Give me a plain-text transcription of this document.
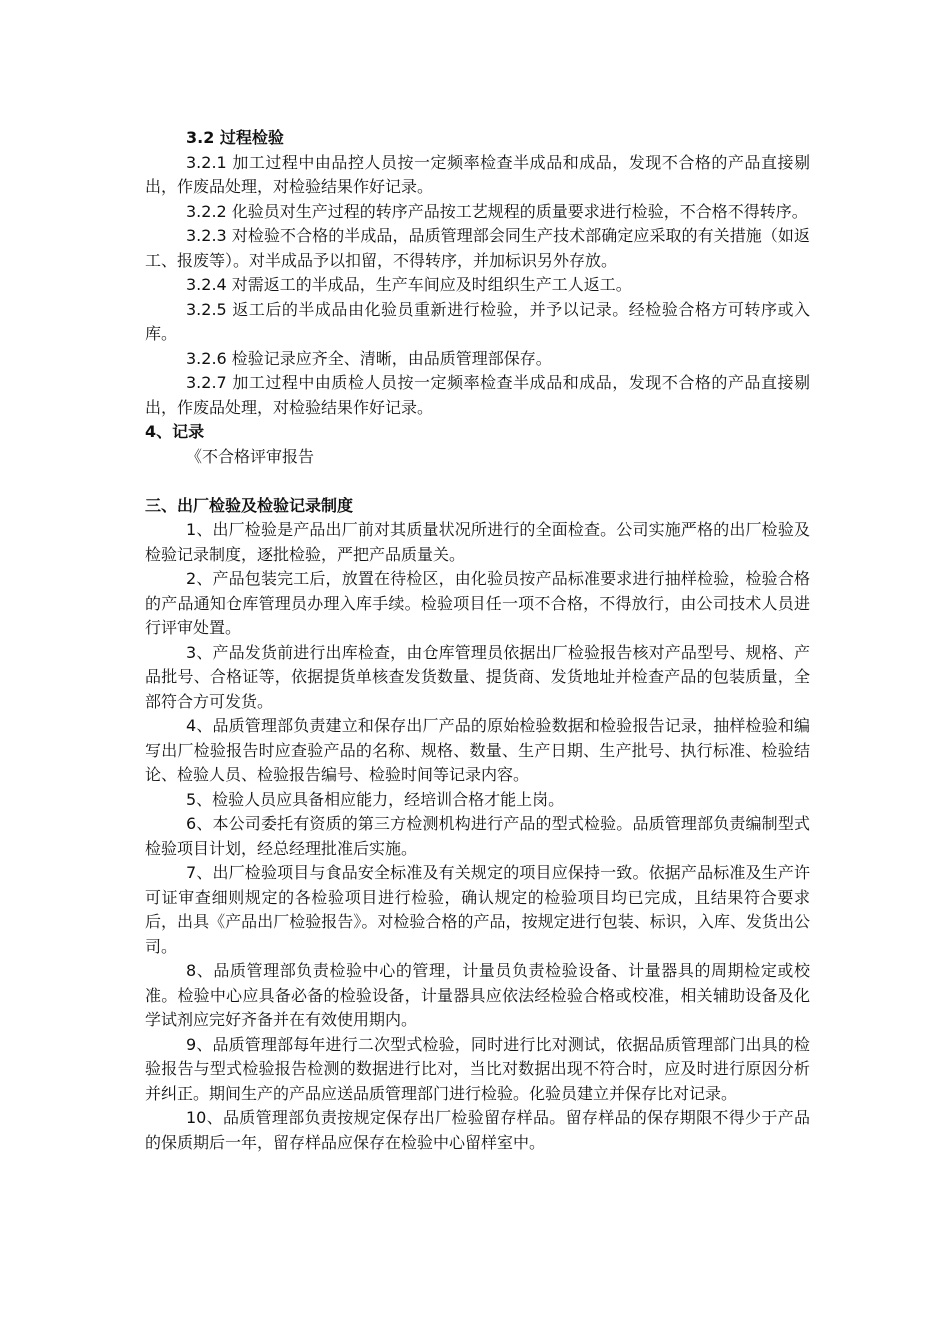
3.2 过程检验

3.2.1 加工过程中由品控人员按一定频率检查半成品和成品，发现不合格的产品直接剔出，作废品处理，对检验结果作好记录。

3.2.2 化验员对生产过程的转序产品按工艺规程的质量要求进行检验，不合格不得转序。

3.2.3 对检验不合格的半成品，品质管理部会同生产技术部确定应采取的有关措施（如返工、报废等）。对半成品予以扣留，不得转序，并加标识另外存放。

3.2.4 对需返工的半成品，生产车间应及时组织生产工人返工。

3.2.5 返工后的半成品由化验员重新进行检验，并予以记录。经检验合格方可转序或入库。

3.2.6 检验记录应齐全、清晰，由品质管理部保存。

3.2.7 加工过程中由质检人员按一定频率检查半成品和成品，发现不合格的产品直接剔出，作废品处理，对检验结果作好记录。

4、记录

《不合格评审报告

三、出厂检验及检验记录制度

1、出厂检验是产品出厂前对其质量状况所进行的全面检查。公司实施严格的出厂检验及检验记录制度，逐批检验，严把产品质量关。

2、产品包装完工后，放置在待检区，由化验员按产品标准要求进行抽样检验，检验合格的产品通知仓库管理员办理入库手续。检验项目任一项不合格，不得放行，由公司技术人员进行评审处置。

3、产品发货前进行出库检查，由仓库管理员依据出厂检验报告核对产品型号、规格、产品批号、合格证等，依据提货单核查发货数量、提货商、发货地址并检查产品的包装质量，全部符合方可发货。

4、品质管理部负责建立和保存出厂产品的原始检验数据和检验报告记录，抽样检验和编写出厂检验报告时应查验产品的名称、规格、数量、生产日期、生产批号、执行标准、检验结论、检验人员、检验报告编号、检验时间等记录内容。

5、检验人员应具备相应能力，经培训合格才能上岗。

6、本公司委托有资质的第三方检测机构进行产品的型式检验。品质管理部负责编制型式检验项目计划，经总经理批准后实施。

7、出厂检验项目与食品安全标准及有关规定的项目应保持一致。依据产品标准及生产许可证审查细则规定的各检验项目进行检验，确认规定的检验项目均已完成，且结果符合要求后，出具《产品出厂检验报告》。对检验合格的产品，按规定进行包装、标识，入库、发货出公司。

8、品质管理部负责检验中心的管理，计量员负责检验设备、计量器具的周期检定或校准。检验中心应具备必备的检验设备，计量器具应依法经检验合格或校准，相关辅助设备及化学试剂应完好齐备并在有效使用期内。

9、品质管理部每年进行二次型式检验，同时进行比对测试，依据品质管理部门出具的检验报告与型式检验报告检测的数据进行比对，当比对数据出现不符合时，应及时进行原因分析并纠正。期间生产的产品应送品质管理部门进行检验。化验员建立并保存比对记录。

10、品质管理部负责按规定保存出厂检验留存样品。留存样品的保存期限不得少于产品的保质期后一年，留存样品应保存在检验中心留样室中。
